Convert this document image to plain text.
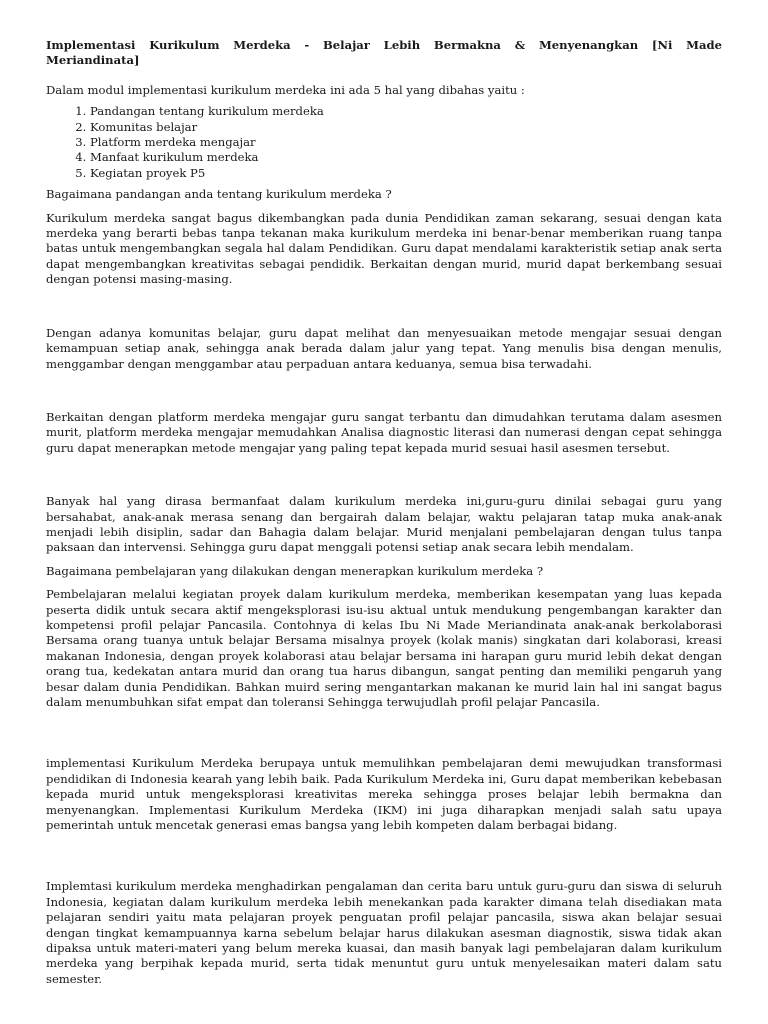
Implementasi Kurikulum Merdeka - Belajar Lebih Bermakna & Menyenangkan [Ni Made Meriandinata]

Dalam modul implementasi kurikulum merdeka ini ada 5 hal yang dibahas yaitu :

1. Pandangan tentang kurikulum merdeka
2. Komunitas belajar
3. Platform merdeka mengajar
4. Manfaat kurikulum merdeka
5. Kegiatan proyek P5

Bagaimana pandangan anda tentang kurikulum merdeka ?

Kurikulum merdeka sangat bagus dikembangkan pada dunia Pendidikan zaman sekarang, sesuai dengan kata merdeka yang berarti bebas tanpa tekanan maka kurikulum merdeka ini benar-benar memberikan ruang tanpa batas untuk mengembangkan segala hal dalam Pendidikan. Guru dapat mendalami karakteristik setiap anak serta dapat mengembangkan kreativitas sebagai pendidik. Berkaitan dengan murid, murid dapat berkembang sesuai dengan potensi masing-masing.

Dengan adanya komunitas belajar, guru dapat melihat dan menyesuaikan metode mengajar sesuai dengan kemampuan setiap anak, sehingga anak berada dalam jalur yang tepat. Yang menulis bisa dengan menulis, menggambar dengan menggambar atau perpaduan antara keduanya, semua bisa terwadahi.

Berkaitan dengan platform merdeka mengajar guru sangat terbantu dan dimudahkan terutama dalam asesmen murit, platform merdeka mengajar memudahkan Analisa diagnostic literasi dan numerasi dengan cepat sehingga guru dapat menerapkan metode mengajar yang paling tepat kepada murid sesuai hasil asesmen tersebut.

Banyak hal yang dirasa bermanfaat dalam kurikulum merdeka ini,guru-guru dinilai sebagai guru yang bersahabat, anak-anak merasa senang dan bergairah dalam belajar, waktu pelajaran tatap muka anak-anak menjadi lebih disiplin, sadar dan Bahagia dalam belajar. Murid menjalani pembelajaran dengan tulus tanpa paksaan dan intervensi. Sehingga guru dapat menggali potensi setiap anak secara lebih mendalam.

Bagaimana pembelajaran yang dilakukan dengan menerapkan kurikulum merdeka ?

Pembelajaran melalui kegiatan proyek dalam kurikulum merdeka, memberikan kesempatan yang luas kepada peserta didik untuk secara aktif mengeksplorasi isu-isu aktual untuk mendukung pengembangan karakter dan kompetensi profil pelajar Pancasila. Contohnya di kelas Ibu Ni Made Meriandinata anak-anak berkolaborasi Bersama orang tuanya untuk belajar Bersama misalnya proyek (kolak manis) singkatan dari kolaborasi, kreasi makanan Indonesia, dengan proyek kolaborasi atau belajar bersama ini harapan guru murid lebih dekat dengan orang tua, kedekatan antara murid dan orang tua harus dibangun, sangat penting dan memiliki pengaruh yang besar dalam dunia Pendidikan. Bahkan muird sering mengantarkan makanan ke murid lain hal ini sangat bagus dalam menumbuhkan sifat empat dan toleransi Sehingga terwujudlah profil pelajar Pancasila.

implementasi Kurikulum Merdeka berupaya untuk memulihkan pembelajaran demi mewujudkan transformasi pendidikan di Indonesia kearah yang lebih baik. Pada Kurikulum Merdeka ini, Guru dapat memberikan kebebasan kepada murid untuk mengeksplorasi kreativitas mereka sehingga proses belajar lebih bermakna dan menyenangkan. Implementasi Kurikulum Merdeka (IKM) ini juga diharapkan menjadi salah satu upaya pemerintah untuk mencetak generasi emas bangsa yang lebih kompeten dalam berbagai bidang.

Implemtasi kurikulum merdeka menghadirkan pengalaman dan cerita baru untuk guru-guru dan siswa di seluruh Indonesia, kegiatan dalam kurikulum merdeka lebih menekankan pada karakter dimana telah disediakan mata pelajaran sendiri yaitu mata pelajaran proyek penguatan profil pelajar pancasila, siswa akan belajar sesuai dengan tingkat kemampuannya karna sebelum belajar harus dilakukan asesman diagnostik, siswa tidak akan dipaksa untuk materi-materi yang belum mereka kuasai, dan masih banyak lagi pembelajaran dalam kurikulum merdeka yang berpihak kepada murid, serta tidak menuntut guru untuk menyelesaikan materi dalam satu semester.
